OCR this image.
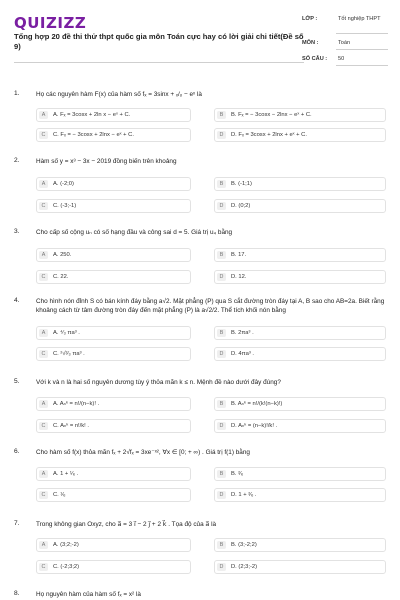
QUIZIZZ
Tổng hợp 20 đề thi thử thpt quốc gia môn Toán cực hay có lời giải chi tiết(Đề số 9)
LỚP :	Tốt nghiệp THPT
MÔN :	Toán
SỐ CÂU : 50
1.	Họ các nguyên hàm F(x) của hàm số fₓ = 3sinx + ₓ/ₒ − eˣ là
A	A. Fₓ = 3cosx + 2ln x − eˣ + C.	B	B. Fₓ = − 3cosx − 2lnx − eˣ + C.
C	C. Fₓ = − 3cosx + 2lnx − eˣ + C.	D	D. Fₓ = 3cosx + 2lnx + eˣ + C.
2.	Hàm số y = x³ − 3x − 2019 đồng biến trên khoảng
A	A. (-2;0)	B	B. (-1;1)
C	C. (-3;-1)	D	D. (0;2)
3.	Cho cấp số cộng uₙ có số hạng đầu và công sai d = 5. Giá trị u₄ bằng
A	A. 250.	B	B. 17.
C	C. 22.	D	D. 12.
4.	Cho hình nón đỉnh S có bán kính đáy bằng a√2. Mặt phẳng (P) qua S cắt đường tròn đáy tại A, B sao cho AB=2a. Biết rằng khoảng cách từ tâm đường tròn đáy đến mặt phẳng (P) là a√2/2. Thể tích khối nón bằng
A	A. ⁴⁄₃ πa³ .	B	B. 2πa³ .
C	C. ²√²⁄₃ πa³ .	D	D. 4πa³ .
5.	Với k và n là hai số nguyên dương tùy ý thỏa mãn k ≤ n. Mệnh đề nào dưới đây đúng?
A	A. Aₙᵏ = n!/(n−k)! .	B	B. Aₙᵏ = n!/(k!(n−k)!)
C	C. Aₙᵏ = n!/k! .	D	D. Aₙᵏ = (n−k)!/k! .
6.	Cho hàm số f(x) thỏa mãn fₓ + 2√fₓ = 3xe⁻ˣ², ∀x ∈ [0; + ∞) . Giá trị f(1) bằng
A	A. 1 + ¹⁄ₑ .	B	B. ²⁄ₑ
C	C. ¹⁄ₑ	D	D. 1 + ²⁄ₑ .
7.	Trong không gian Oxyz, cho a⃗ = 3 i⃗ − 2 j⃗ + 2 k⃗ . Tọa độ của a⃗ là
A	A. (3;2;-2)	B	B. (3;-2;2)
C	C. (-2;3;2)	D	D. (2;3;-2)
8.	Họ nguyên hàm của hàm số fₓ = x² là
